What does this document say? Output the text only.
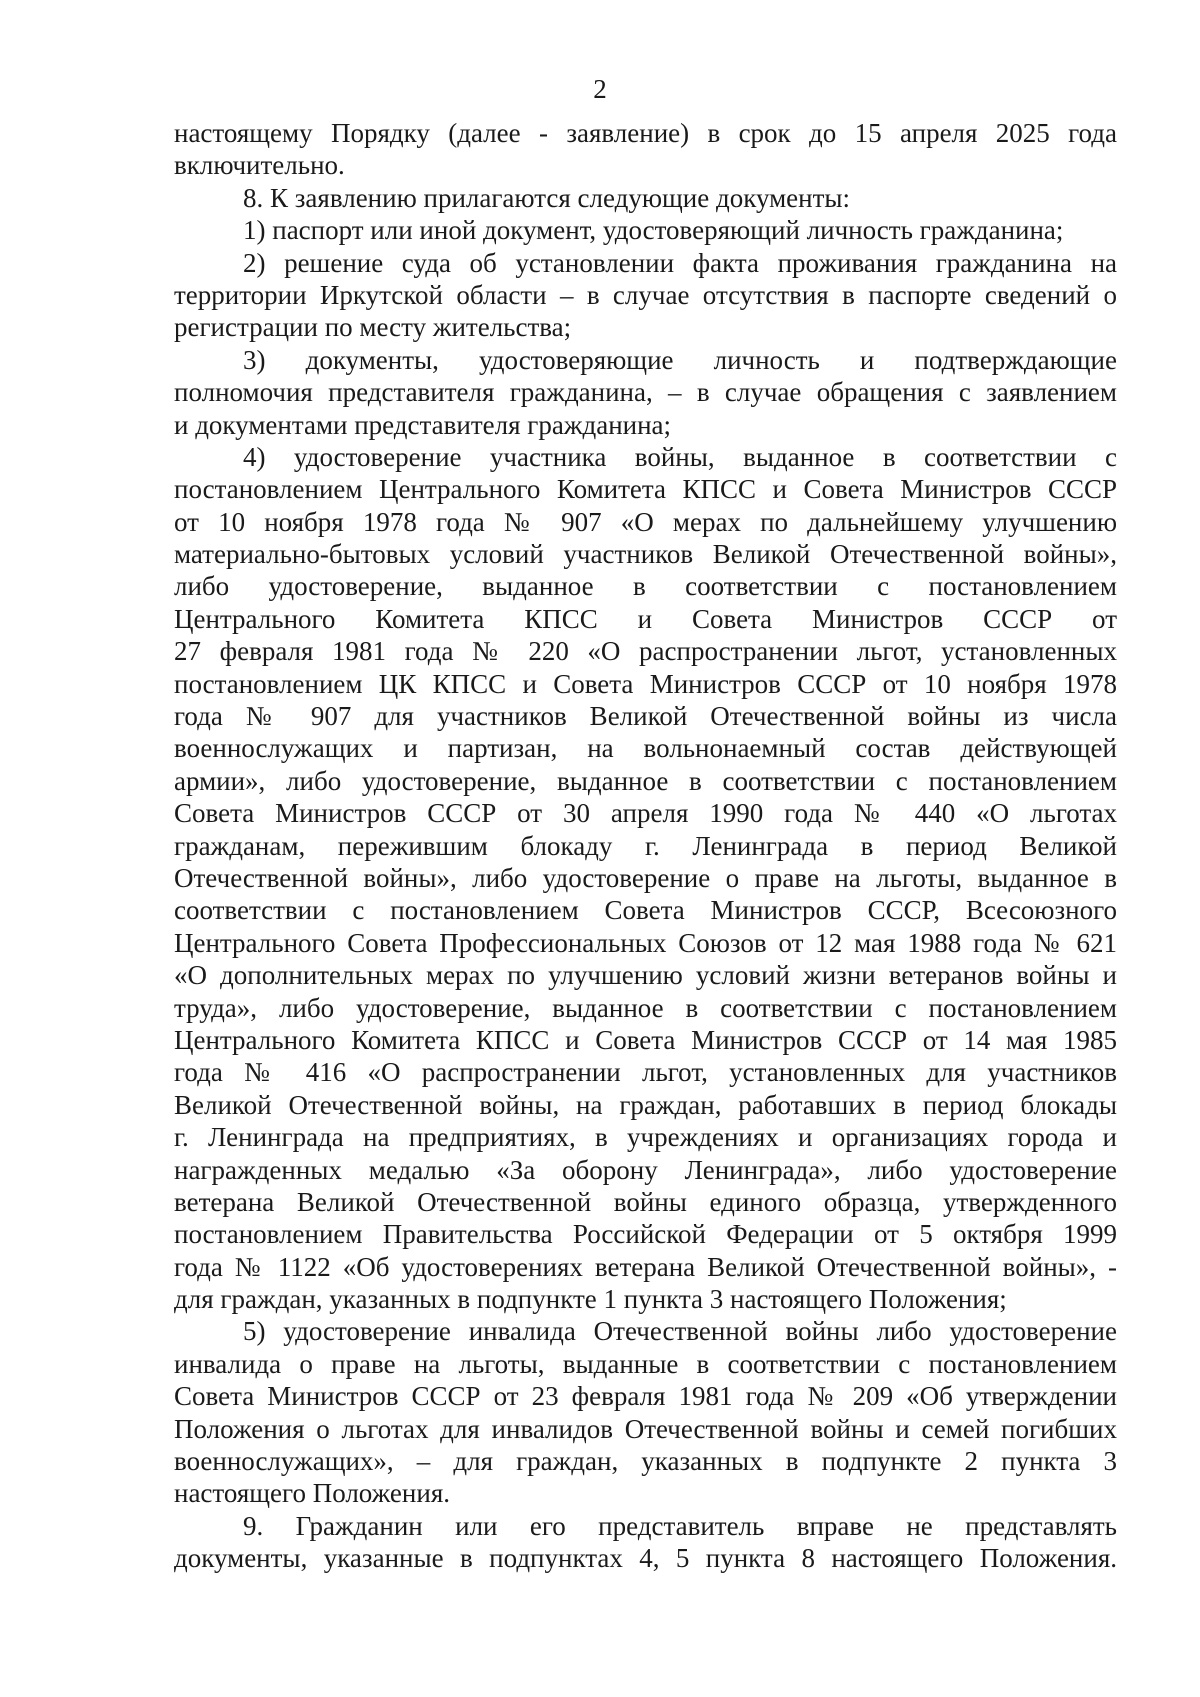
2
настоящему Порядку (далее - заявление) в срок до 15 апреля 2025 года
включительно.
8. К заявлению прилагаются следующие документы:
1) паспорт или иной документ, удостоверяющий личность гражданина;
2) решение суда об установлении факта проживания гражданина на
территории Иркутской области – в случае отсутствия в паспорте сведений о
регистрации по месту жительства;
3) документы, удостоверяющие личность и подтверждающие
полномочия представителя гражданина, – в случае обращения с заявлением
и документами представителя гражданина;
4) удостоверение участника войны, выданное в соответствии с
постановлением Центрального Комитета КПСС и Совета Министров СССР
от 10 ноября 1978 года № 907 «О мерах по дальнейшему улучшению
материально-бытовых условий участников Великой Отечественной войны»,
либо удостоверение, выданное в соответствии с постановлением
Центрального Комитета КПСС и Совета Министров СССР от
27 февраля 1981 года № 220 «О распространении льгот, установленных
постановлением ЦК КПСС и Совета Министров СССР от 10 ноября 1978
года № 907 для участников Великой Отечественной войны из числа
военнослужащих и партизан, на вольнонаемный состав действующей
армии», либо удостоверение, выданное в соответствии с постановлением
Совета Министров СССР от 30 апреля 1990 года № 440 «О льготах
гражданам, пережившим блокаду г. Ленинграда в период Великой
Отечественной войны», либо удостоверение о праве на льготы, выданное в
соответствии с постановлением Совета Министров СССР, Всесоюзного
Центрального Совета Профессиональных Союзов от 12 мая 1988 года № 621
«О дополнительных мерах по улучшению условий жизни ветеранов войны и
труда», либо удостоверение, выданное в соответствии с постановлением
Центрального Комитета КПСС и Совета Министров СССР от 14 мая 1985
года № 416 «О распространении льгот, установленных для участников
Великой Отечественной войны, на граждан, работавших в период блокады
г. Ленинграда на предприятиях, в учреждениях и организациях города и
награжденных медалью «За оборону Ленинграда», либо удостоверение
ветерана Великой Отечественной войны единого образца, утвержденного
постановлением Правительства Российской Федерации от 5 октября 1999
года № 1122 «Об удостоверениях ветерана Великой Отечественной войны», -
для граждан, указанных в подпункте 1 пункта 3 настоящего Положения;
5) удостоверение инвалида Отечественной войны либо удостоверение
инвалида о праве на льготы, выданные в соответствии с постановлением
Совета Министров СССР от 23 февраля 1981 года № 209 «Об утверждении
Положения о льготах для инвалидов Отечественной войны и семей погибших
военнослужащих», – для граждан, указанных в подпункте 2 пункта 3
настоящего Положения.
9. Гражданин или его представитель вправе не представлять
документы, указанные в подпунктах 4, 5 пункта 8 настоящего Положения.
